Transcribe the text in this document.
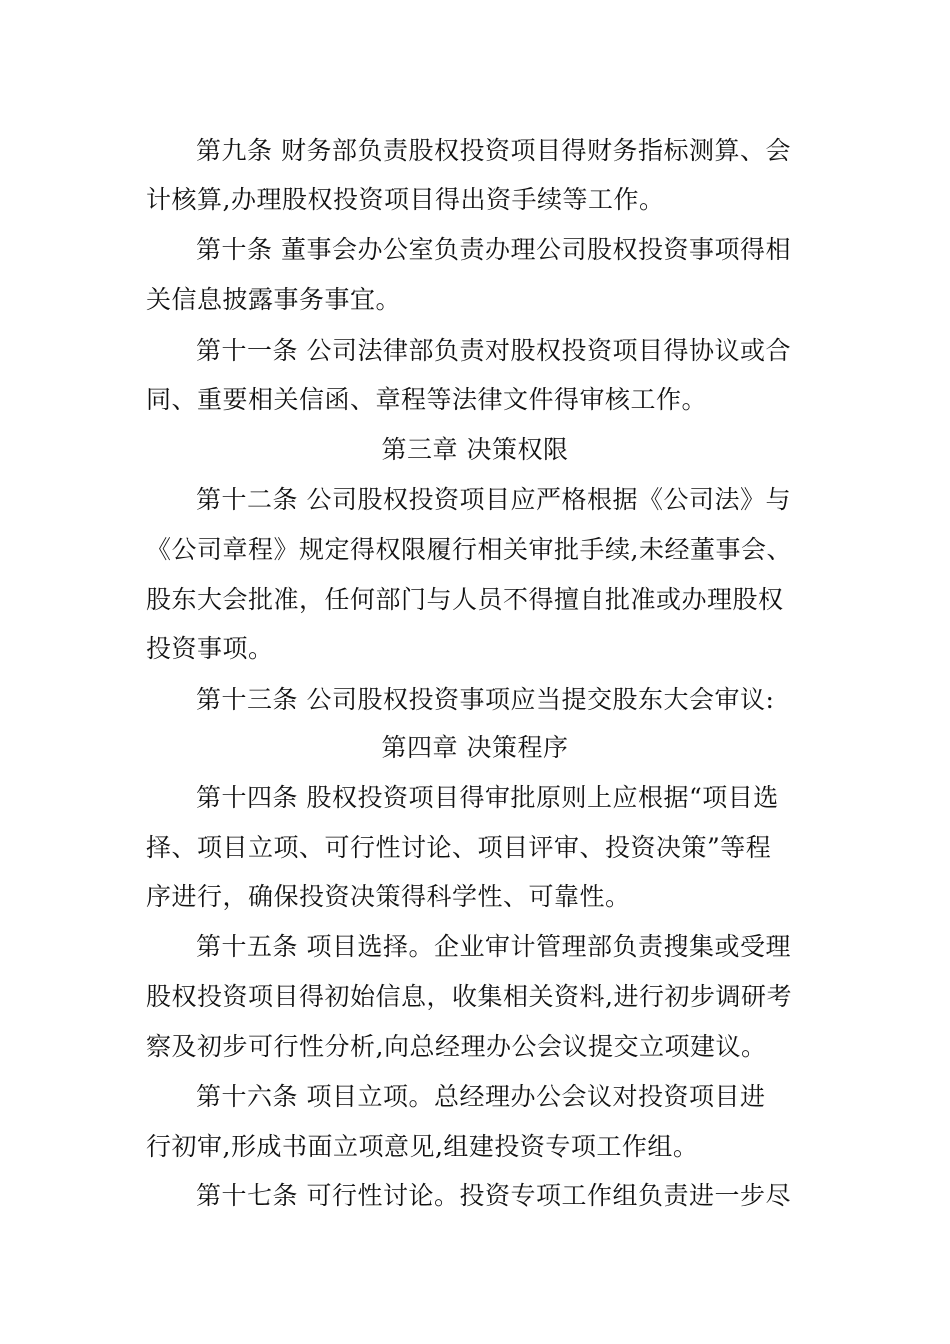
第九条 财务部负责股权投资项目得财务指标测算、会
计核算,办理股权投资项目得出资手续等工作。
第十条 董事会办公室负责办理公司股权投资事项得相
关信息披露事务事宜。
第十一条 公司法律部负责对股权投资项目得协议或合
同、重要相关信函、章程等法律文件得审核工作。
第三章 决策权限
第十二条 公司股权投资项目应严格根据《公司法》与
《公司章程》规定得权限履行相关审批手续,未经董事会、
股东大会批准，任何部门与人员不得擅自批准或办理股权
投资事项。
第十三条 公司股权投资事项应当提交股东大会审议:
第四章 决策程序
第十四条 股权投资项目得审批原则上应根据“项目选
择、项目立项、可行性讨论、项目评审、投资决策”等程
序进行，确保投资决策得科学性、可靠性。
第十五条 项目选择。企业审计管理部负责搜集或受理
股权投资项目得初始信息，收集相关资料,进行初步调研考
察及初步可行性分析,向总经理办公会议提交立项建议。
第十六条 项目立项。总经理办公会议对投资项目进
行初审,形成书面立项意见,组建投资专项工作组。
第十七条 可行性讨论。投资专项工作组负责进一步尽
